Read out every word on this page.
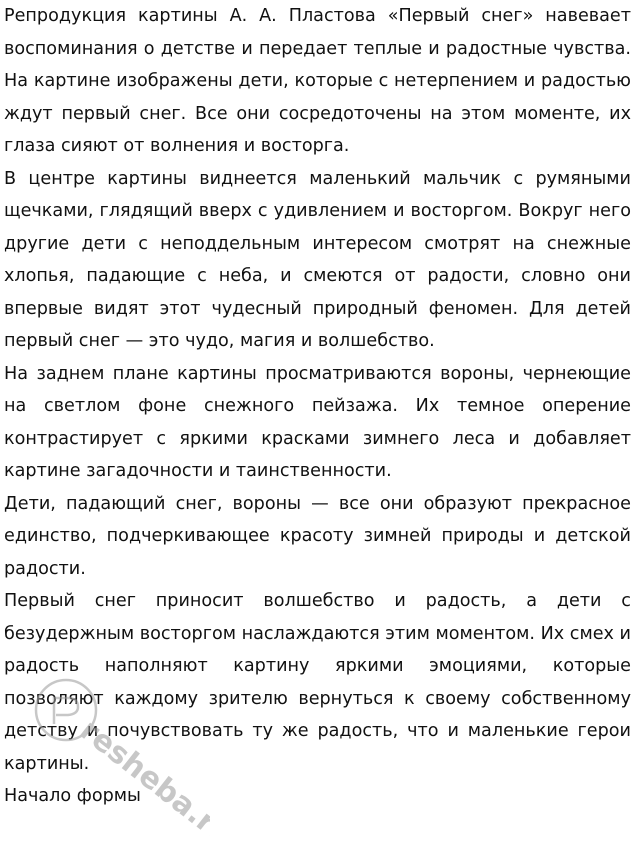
Репродукция картины А. А. Пластова «Первый снег» навевает воспоминания о детстве и передает теплые и радостные чувства. На картине изображены дети, которые с нетерпением и радостью ждут первый снег. Все они сосредоточены на этом моменте, их глаза сияют от волнения и восторга.

В центре картины виднеется маленький мальчик с румяными щечками, глядящий вверх с удивлением и восторгом. Вокруг него другие дети с неподдельным интересом смотрят на снежные хлопья, падающие с неба, и смеются от радости, словно они впервые видят этот чудесный природный феномен. Для детей первый снег — это чудо, магия и волшебство.

На заднем плане картины просматриваются вороны, чернеющие на светлом фоне снежного пейзажа. Их темное оперение контрастирует с яркими красками зимнего леса и добавляет картине загадочности и таинственности.

Дети, падающий снег, вороны — все они образуют прекрасное единство, подчеркивающее красоту зимней природы и детской радости.

Первый снег приносит волшебство и радость, а дети с безудержным восторгом наслаждаются этим моментом. Их смех и радость наполняют картину яркими эмоциями, которые позволяют каждому зрителю вернуться к своему собственному детству и почувствовать ту же радость, что и маленькие герои картины.

Начало формы

resheba.ru
